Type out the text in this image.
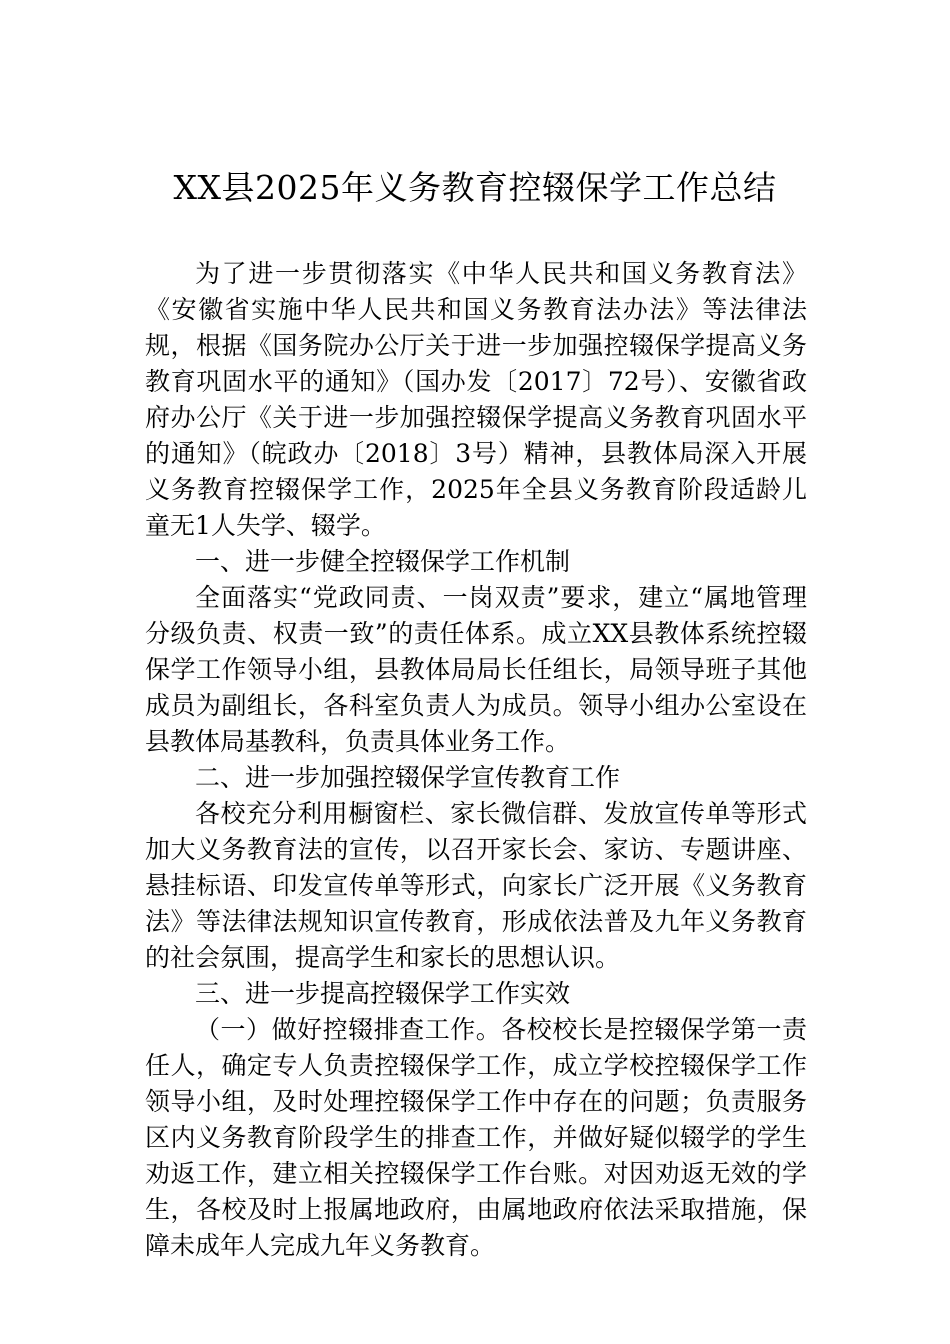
XX县2025年义务教育控辍保学工作总结

为了进一步贯彻落实《中华人民共和国义务教育法》《安徽省实施中华人民共和国义务教育法办法》等法律法规，根据《国务院办公厅关于进一步加强控辍保学提高义务教育巩固水平的通知》（国办发〔2017〕72号）、安徽省政府办公厅《关于进一步加强控辍保学提高义务教育巩固水平的通知》（皖政办〔2018〕3号）精神，县教体局深入开展义务教育控辍保学工作，2025年全县义务教育阶段适龄儿童无1人失学、辍学。

一、进一步健全控辍保学工作机制

全面落实“党政同责、一岗双责”要求，建立“属地管理分级负责、权责一致”的责任体系。成立XX县教体系统控辍保学工作领导小组，县教体局局长任组长，局领导班子其他成员为副组长，各科室负责人为成员。领导小组办公室设在县教体局基教科，负责具体业务工作。

二、进一步加强控辍保学宣传教育工作

各校充分利用橱窗栏、家长微信群、发放宣传单等形式加大义务教育法的宣传，以召开家长会、家访、专题讲座、悬挂标语、印发宣传单等形式，向家长广泛开展《义务教育法》等法律法规知识宣传教育，形成依法普及九年义务教育的社会氛围，提高学生和家长的思想认识。

三、进一步提高控辍保学工作实效

（一）做好控辍排查工作。各校校长是控辍保学第一责任人，确定专人负责控辍保学工作，成立学校控辍保学工作领导小组，及时处理控辍保学工作中存在的问题；负责服务区内义务教育阶段学生的排查工作，并做好疑似辍学的学生劝返工作，建立相关控辍保学工作台账。对因劝返无效的学生，各校及时上报属地政府，由属地政府依法采取措施，保障未成年人完成九年义务教育。
